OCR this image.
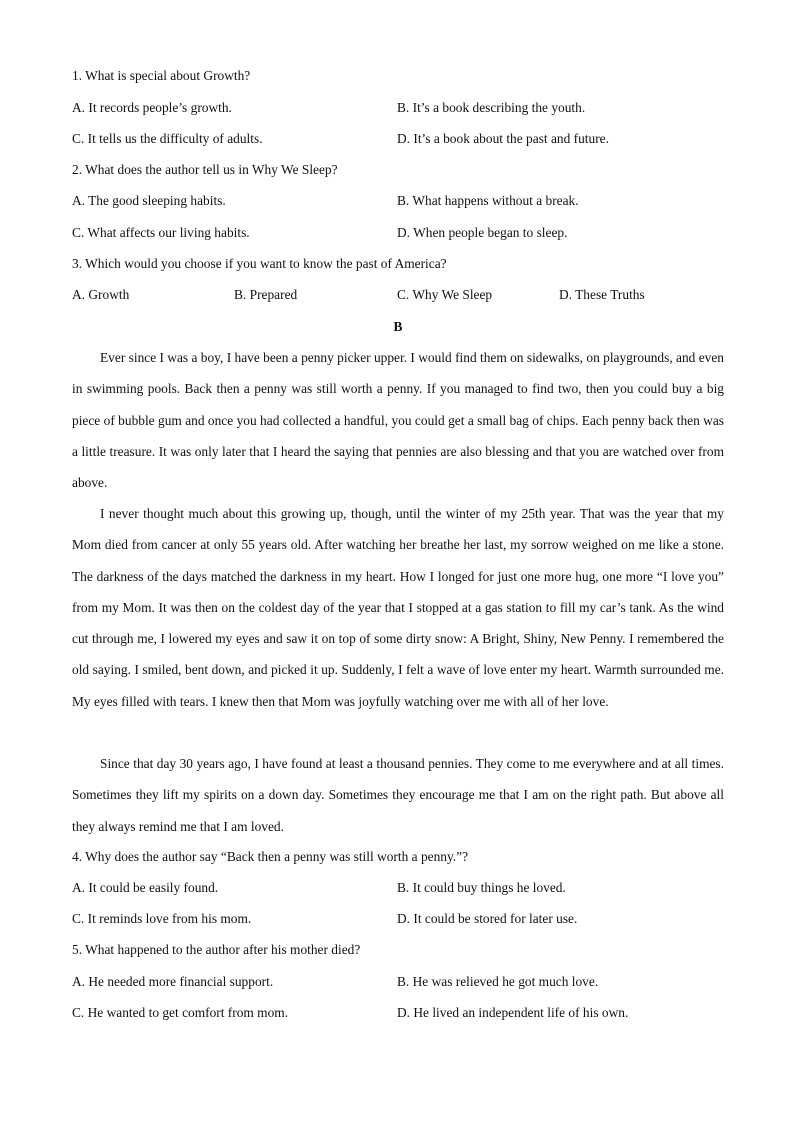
1. What is special about Growth?
A. It records people’s growth.	B. It’s a book describing the youth.
C. It tells us the difficulty of adults.	D. It’s a book about the past and future.
2. What does the author tell us in Why We Sleep?
A. The good sleeping habits.	B. What happens without a break.
C. What affects our living habits.	D. When people began to sleep.
3. Which would you choose if you want to know the past of America?
A. Growth	B. Prepared	C. Why We Sleep	D. These Truths
B
Ever since I was a boy, I have been a penny picker upper. I would find them on sidewalks, on playgrounds, and even in swimming pools. Back then a penny was still worth a penny. If you managed to find two, then you could buy a big piece of bubble gum and once you had collected a handful, you could get a small bag of chips. Each penny back then was a little treasure. It was only later that I heard the saying that pennies are also blessing and that you are watched over from above.
I never thought much about this growing up, though, until the winter of my 25th year. That was the year that my Mom died from cancer at only 55 years old. After watching her breathe her last, my sorrow weighed on me like a stone. The darkness of the days matched the darkness in my heart. How I longed for just one more hug, one more “I love you” from my Mom. It was then on the coldest day of the year that I stopped at a gas station to fill my car’s tank. As the wind cut through me, I lowered my eyes and saw it on top of some dirty snow: A Bright, Shiny, New Penny. I remembered the old saying. I smiled, bent down, and picked it up. Suddenly, I felt a wave of love enter my heart. Warmth surrounded me. My eyes filled with tears. I knew then that Mom was joyfully watching over me with all of her love.
Since that day 30 years ago, I have found at least a thousand pennies. They come to me everywhere and at all times. Sometimes they lift my spirits on a down day. Sometimes they encourage me that I am on the right path. But above all they always remind me that I am loved.
4. Why does the author say “Back then a penny was still worth a penny.”?
A. It could be easily found.	B. It could buy things he loved.
C. It reminds love from his mom.	D. It could be stored for later use.
5. What happened to the author after his mother died?
A. He needed more financial support.	B. He was relieved he got much love.
C. He wanted to get comfort from mom.	D. He lived an independent life of his own.
